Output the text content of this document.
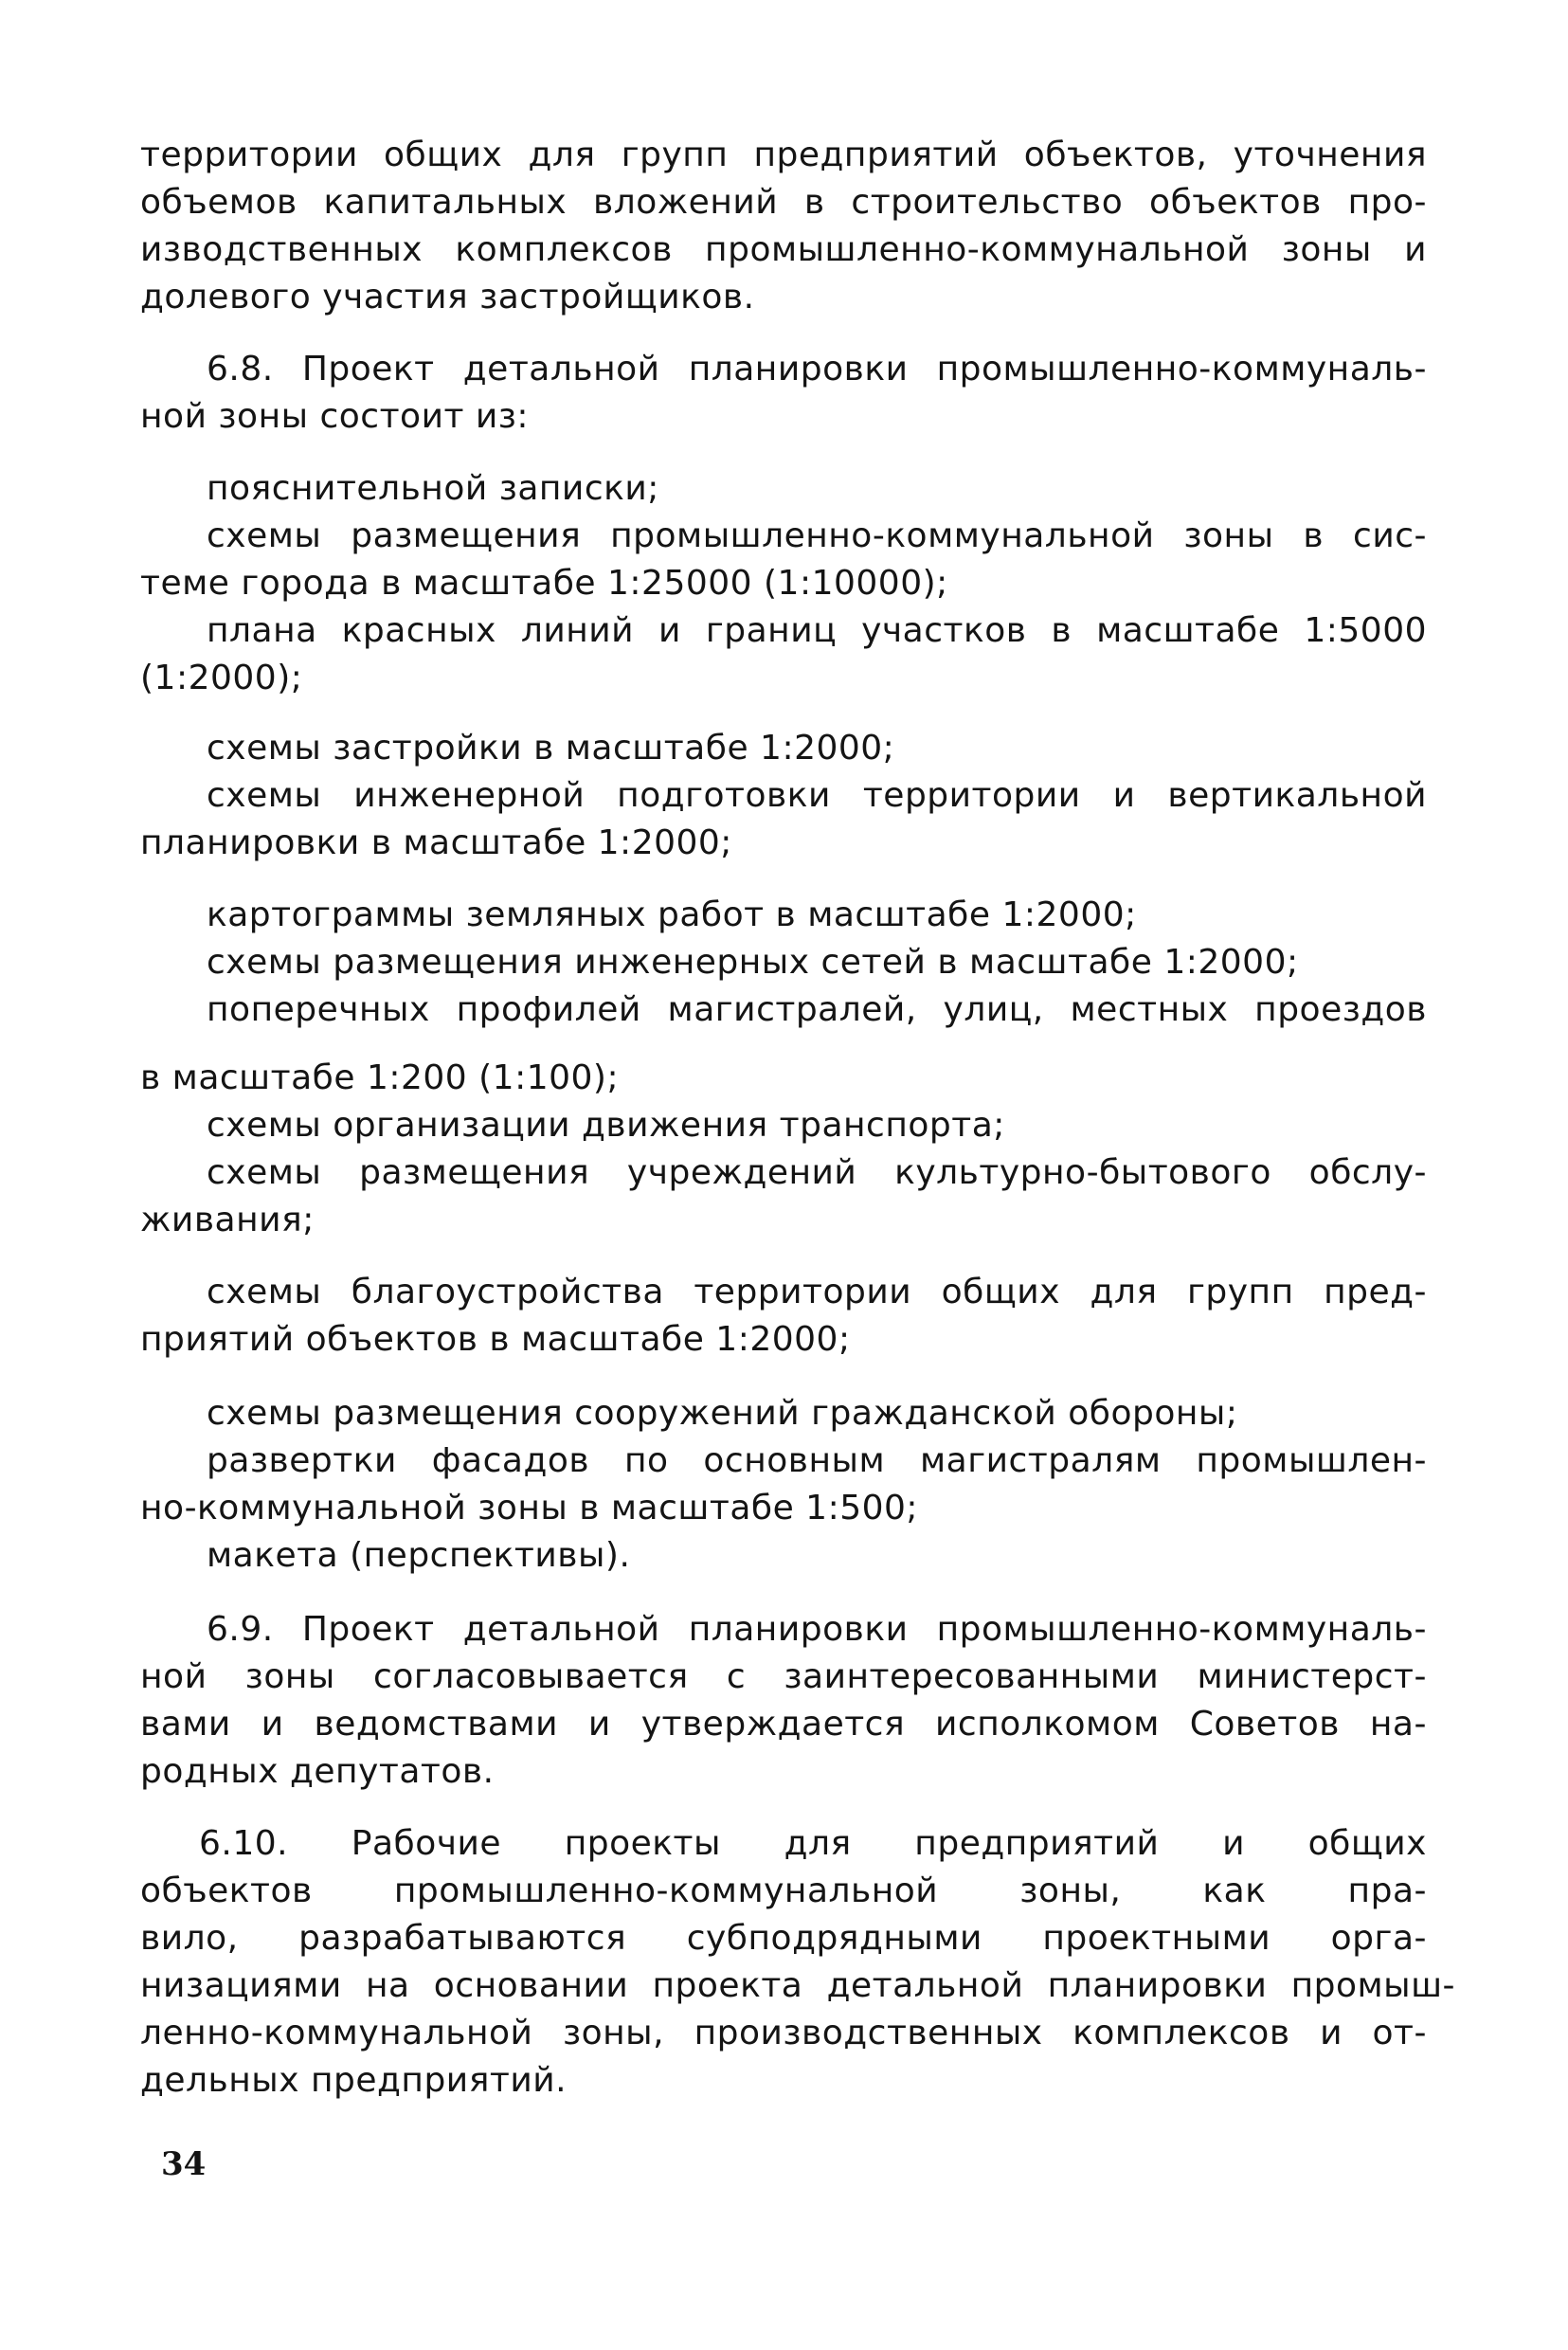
территории общих для групп предприятий объектов, уточнения
объемов капитальных вложений в строительство объектов про-
изводственных комплексов промышленно-коммунальной зоны и
долевого участия застройщиков.
6.8. Проект детальной планировки промышленно-коммуналь-
ной зоны состоит из:
пояснительной записки;
схемы размещения промышленно-коммунальной зоны в сис-
теме города в масштабе 1:25000 (1:10000);
плана красных линий и границ участков в масштабе 1:5000
(1:2000);
схемы застройки в масштабе 1:2000;
схемы инженерной подготовки территории и вертикальной
планировки в масштабе 1:2000;
картограммы земляных работ в масштабе 1:2000;
схемы размещения инженерных сетей в масштабе 1:2000;
поперечных профилей магистралей, улиц, местных проездов
в масштабе 1:200 (1:100);
схемы организации движения транспорта;
схемы размещения учреждений культурно-бытового обслу-
живания;
схемы благоустройства территории общих для групп пред-
приятий объектов в масштабе 1:2000;
схемы размещения сооружений гражданской обороны;
развертки фасадов по основным магистралям промышлен-
но-коммунальной зоны в масштабе 1:500;
макета (перспективы).
6.9. Проект детальной планировки промышленно-коммуналь-
ной зоны согласовывается с заинтересованными министерст-
вами и ведомствами и утверждается исполкомом Советов на-
родных депутатов.
6.10. Рабочие проекты для предприятий и общих
объектов промышленно-коммунальной зоны, как пра-
вило, разрабатываются субподрядными проектными орга-
низациями на основании проекта детальной планировки промыш-
ленно-коммунальной зоны, производственных комплексов и от-
дельных предприятий.
34
